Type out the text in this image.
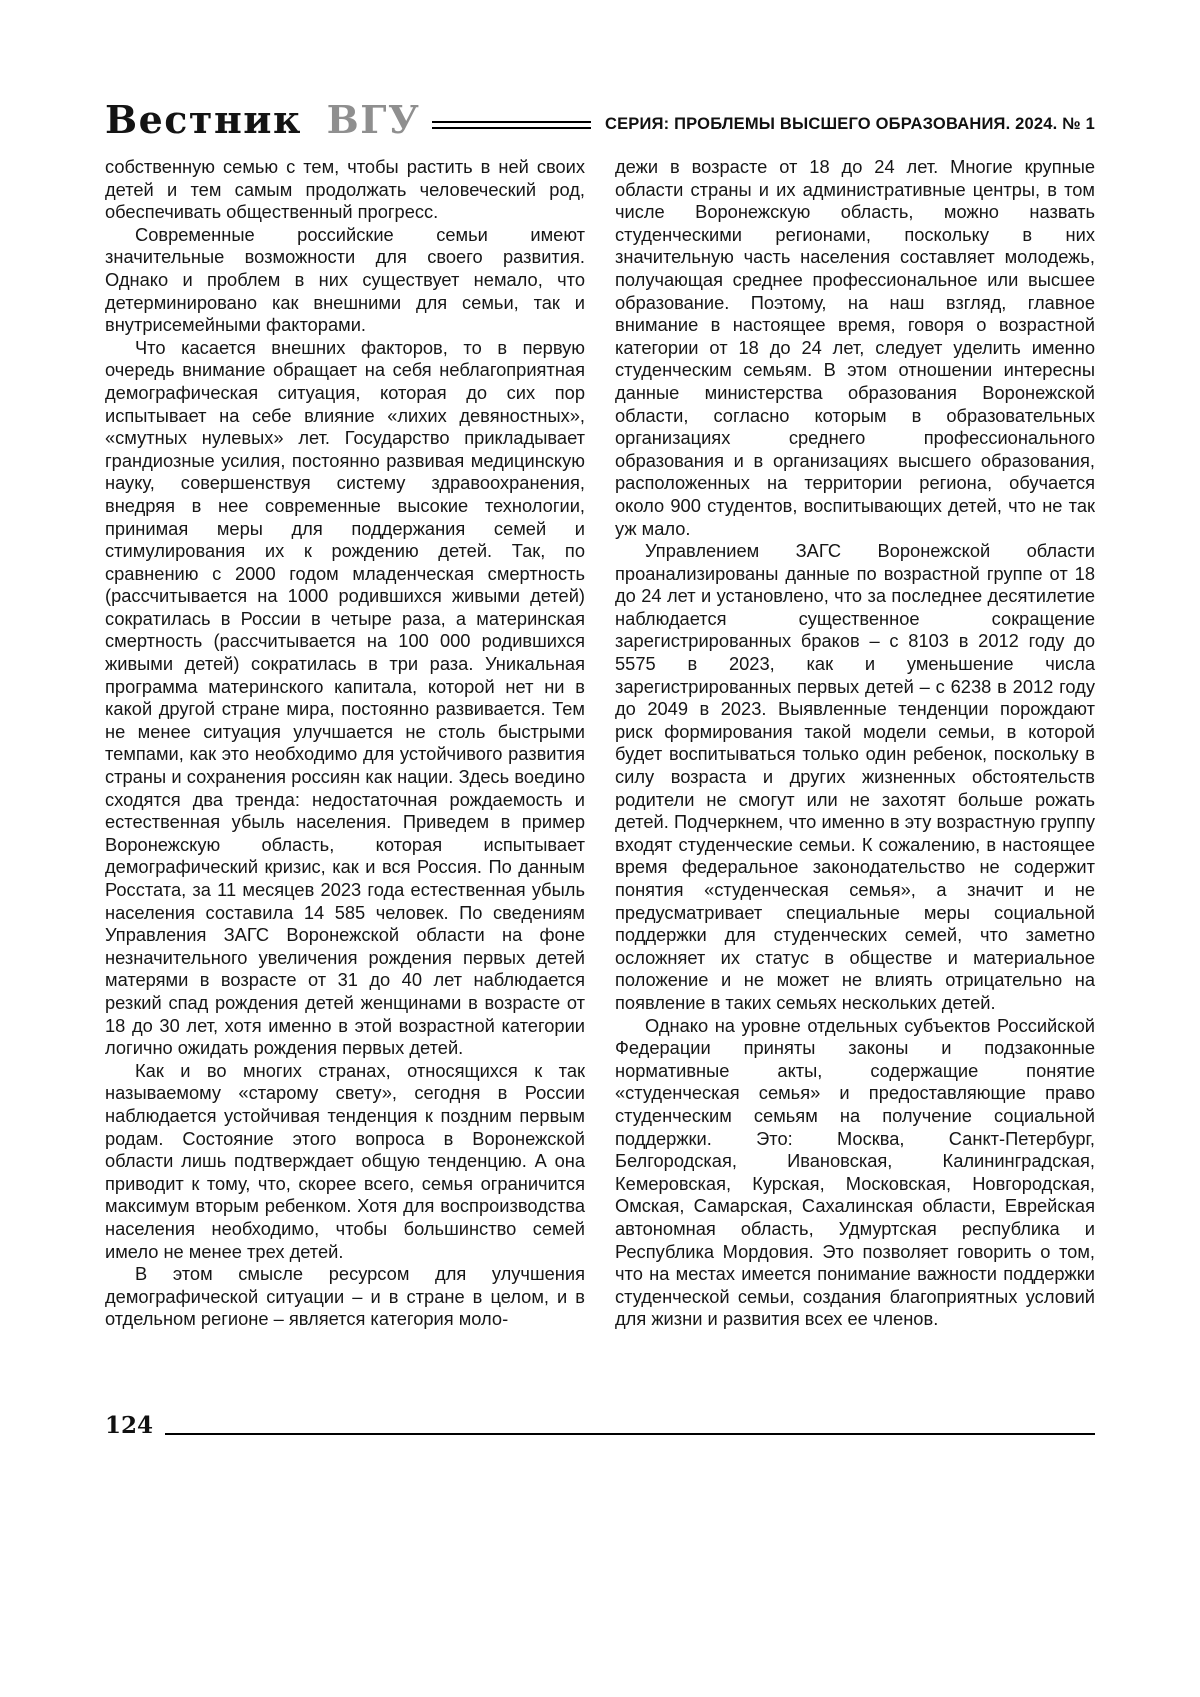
Вестник ВГУ	СЕРИЯ: ПРОБЛЕМЫ ВЫСШЕГО ОБРАЗОВАНИЯ. 2024. № 1

собственную семью с тем, чтобы растить в ней своих детей и тем самым продолжать человеческий род, обеспечивать общественный прогресс.

Современные российские семьи имеют значительные возможности для своего развития. Однако и проблем в них существует немало, что детерминировано как внешними для семьи, так и внутрисемейными факторами.

Что касается внешних факторов, то в первую очередь внимание обращает на себя неблагоприятная демографическая ситуация, которая до сих пор испытывает на себе влияние «лихих девяностных», «смутных нулевых» лет. Государство прикладывает грандиозные усилия, постоянно развивая медицинскую науку, совершенствуя систему здравоохранения, внедряя в нее современные высокие технологии, принимая меры для поддержания семей и стимулирования их к рождению детей. Так, по сравнению с 2000 годом младенческая смертность (рассчитывается на 1000 родившихся живыми детей) сократилась в России в четыре раза, а материнская смертность (рассчитывается на 100 000 родившихся живыми детей) сократилась в три раза. Уникальная программа материнского капитала, которой нет ни в какой другой стране мира, постоянно развивается. Тем не менее ситуация улучшается не столь быстрыми темпами, как это необходимо для устойчивого развития страны и сохранения россиян как нации. Здесь воедино сходятся два тренда: недостаточная рождаемость и естественная убыль населения. Приведем в пример Воронежскую область, которая испытывает демографический кризис, как и вся Россия. По данным Росстата, за 11 месяцев 2023 года естественная убыль населения составила 14 585 человек. По сведениям Управления ЗАГС Воронежской области на фоне незначительного увеличения рождения первых детей матерями в возрасте от 31 до 40 лет наблюдается резкий спад рождения детей женщинами в возрасте от 18 до 30 лет, хотя именно в этой возрастной категории логично ожидать рождения первых детей.

Как и во многих странах, относящихся к так называемому «старому свету», сегодня в России наблюдается устойчивая тенденция к поздним первым родам. Состояние этого вопроса в Воронежской области лишь подтверждает общую тенденцию. А она приводит к тому, что, скорее всего, семья ограничится максимум вторым ребенком. Хотя для воспроизводства населения необходимо, чтобы большинство семей имело не менее трех детей.

В этом смысле ресурсом для улучшения демографической ситуации – и в стране в целом, и в отдельном регионе – является категория моло-

дежи в возрасте от 18 до 24 лет. Многие крупные области страны и их административные центры, в том числе Воронежскую область, можно назвать студенческими регионами, поскольку в них значительную часть населения составляет молодежь, получающая среднее профессиональное или высшее образование. Поэтому, на наш взгляд, главное внимание в настоящее время, говоря о возрастной категории от 18 до 24 лет, следует уделить именно студенческим семьям. В этом отношении интересны данные министерства образования Воронежской области, согласно которым в образовательных организациях среднего профессионального образования и в организациях высшего образования, расположенных на территории региона, обучается около 900 студентов, воспитывающих детей, что не так уж мало.

Управлением ЗАГС Воронежской области проанализированы данные по возрастной группе от 18 до 24 лет и установлено, что за последнее десятилетие наблюдается существенное сокращение зарегистрированных браков – с 8103 в 2012 году до 5575 в 2023, как и уменьшение числа зарегистрированных первых детей – с 6238 в 2012 году до 2049 в 2023. Выявленные тенденции порождают риск формирования такой модели семьи, в которой будет воспитываться только один ребенок, поскольку в силу возраста и других жизненных обстоятельств родители не смогут или не захотят больше рожать детей. Подчеркнем, что именно в эту возрастную группу входят студенческие семьи. К сожалению, в настоящее время федеральное законодательство не содержит понятия «студенческая семья», а значит и не предусматривает специальные меры социальной поддержки для студенческих семей, что заметно осложняет их статус в обществе и материальное положение и не может не влиять отрицательно на появление в таких семьях нескольких детей.

Однако на уровне отдельных субъектов Российской Федерации приняты законы и подзаконные нормативные акты, содержащие понятие «студенческая семья» и предоставляющие право студенческим семьям на получение социальной поддержки. Это: Москва, Санкт-Петербург, Белгородская, Ивановская, Калининградская, Кемеровская, Курская, Московская, Новгородская, Омская, Самарская, Сахалинская области, Еврейская автономная область, Удмуртская республика и Республика Мордовия. Это позволяет говорить о том, что на местах имеется понимание важности поддержки студенческой семьи, создания благоприятных условий для жизни и развития всех ее членов.

124
